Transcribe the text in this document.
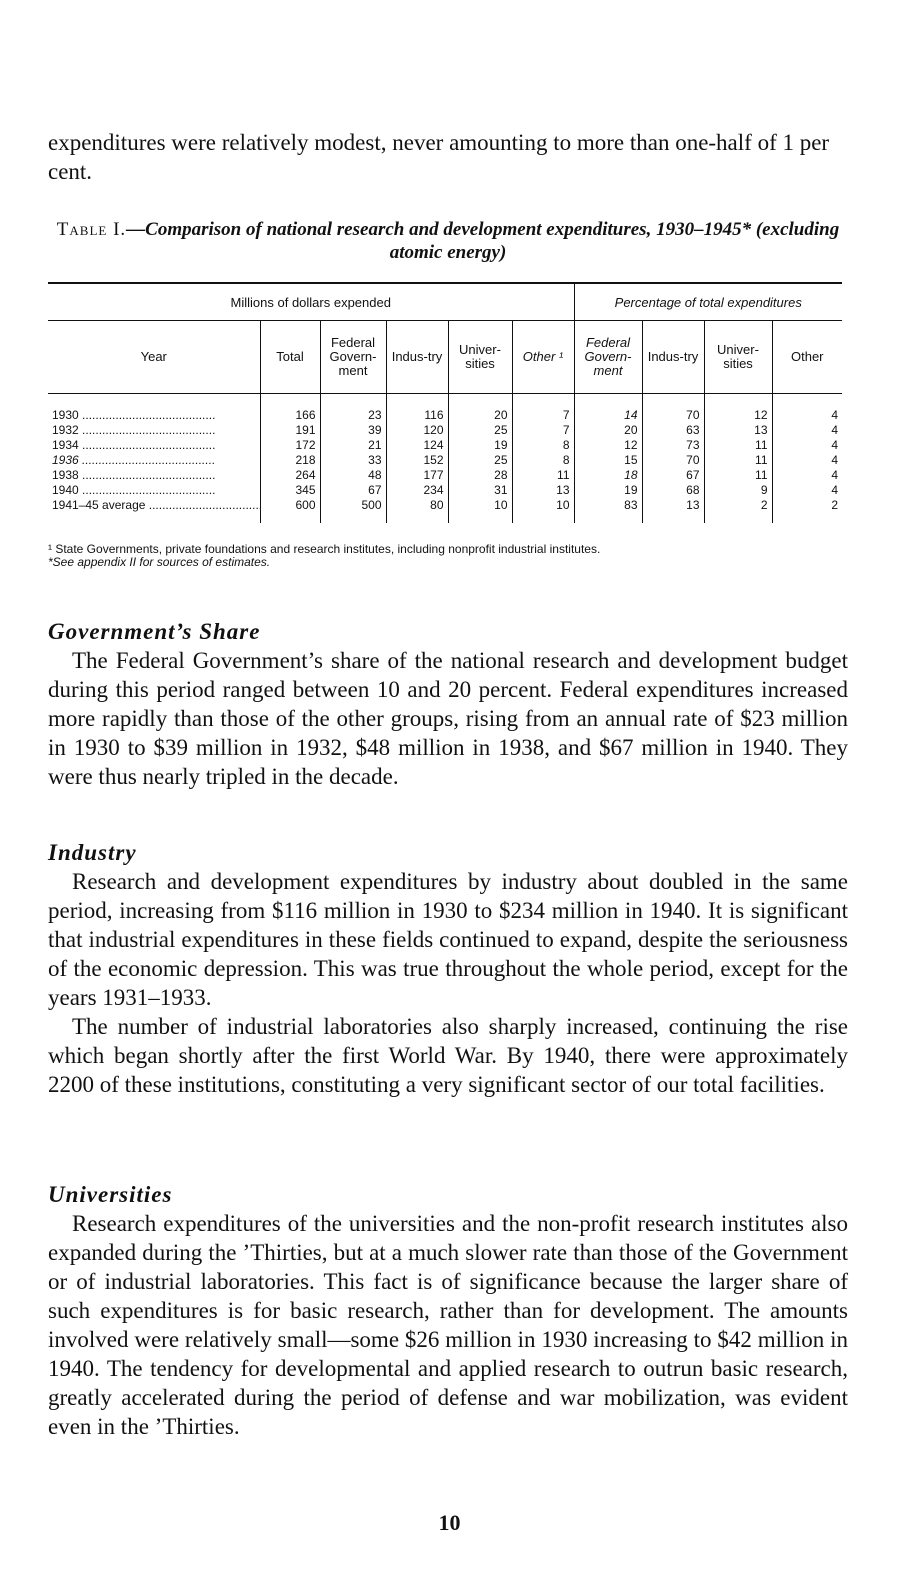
expenditures were relatively modest, never amounting to more than one-half of 1 per cent.

Table I.—Comparison of national research and development expenditures, 1930–1945* (excluding atomic energy)
Millions of dollars expended						Percentage of total expenditures			
Year	Total	Federal Govern-ment	Indus-try	Univer-sities	Other ¹	Federal Govern-ment	Indus-try	Univer-sities	Other
1930 .....	166	23	116	20	7	14	70	12	4
1932 .....	191	39	120	25	7	20	63	13	4
1934 .....	172	21	124	19	8	12	73	11	4
1936 .....	218	33	152	25	8	15	70	11	4
1938 .....	264	48	177	28	11	18	67	11	4
1940 .....	345	67	234	31	13	19	68	9	4
1941–45 average .....	600	500	80	10	10	83	13	2	2

¹ State Governments, private foundations and research institutes, including nonprofit industrial institutes.

*See appendix II for sources of estimates.

Government’s Share

The Federal Government’s share of the national research and development budget during this period ranged between 10 and 20 percent. Federal expenditures increased more rapidly than those of the other groups, rising from an annual rate of $23 million in 1930 to $39 million in 1932, $48 million in 1938, and $67 million in 1940. They were thus nearly tripled in the decade.

Industry

Research and development expenditures by industry about doubled in the same period, increasing from $116 million in 1930 to $234 million in 1940. It is significant that industrial expenditures in these fields continued to expand, despite the seriousness of the economic depression. This was true throughout the whole period, except for the years 1931–1933.

The number of industrial laboratories also sharply increased, continuing the rise which began shortly after the first World War. By 1940, there were approximately 2200 of these institutions, constituting a very significant sector of our total facilities.

Universities

Research expenditures of the universities and the non-profit research institutes also expanded during the ’Thirties, but at a much slower rate than those of the Government or of industrial laboratories. This fact is of significance because the larger share of such expenditures is for basic research, rather than for development. The amounts involved were relatively small—some $26 million in 1930 increasing to $42 million in 1940. The tendency for developmental and applied research to outrun basic research, greatly accelerated during the period of defense and war mobilization, was evident even in the ’Thirties.

10
